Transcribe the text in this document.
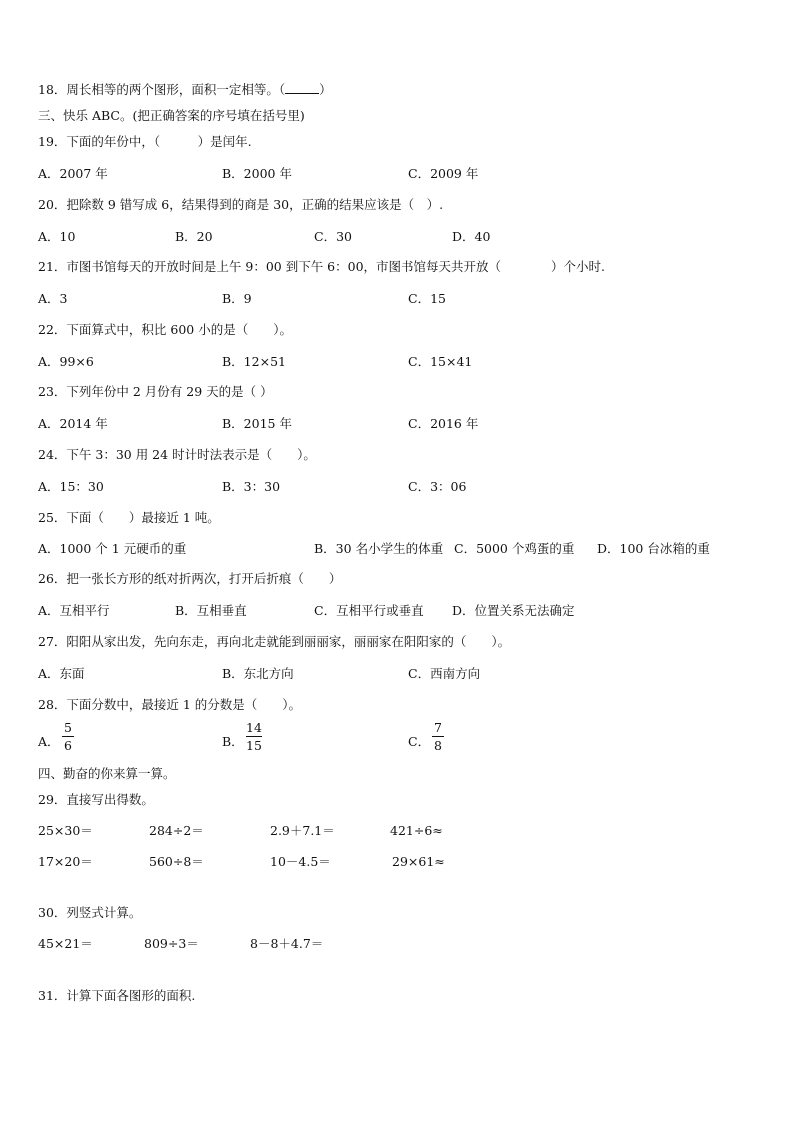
18．周长相等的两个图形，面积一定相等。（	）
三、快乐 ABC。(把正确答案的序号填在括号里)
19．下面的年份中，（　　　）是闰年.
A．2007 年	B．2000 年	C．2009 年
20．把除数 9 错写成 6，结果得到的商是 30，正确的结果应该是（　）.
A．10	B．20	C．30	D．40
21．市图书馆每天的开放时间是上午 9：00 到下午 6：00，市图书馆每天共开放（　　　　）个小时.
A．3	B．9	C．15
22．下面算式中，积比 600 小的是（　　）。
A．99×6	B．12×51	C．15×41
23．下列年份中 2 月份有 29 天的是（ ）
A．2014 年	B．2015 年	C．2016 年
24．下午 3：30 用 24 时计时法表示是（　　）。
A．15：30	B．3：30	C．3：06
25．下面（　　）最接近 1 吨。
A．1000 个 1 元硬币的重	B．30 名小学生的体重 C．5000 个鸡蛋的重 D．100 台冰箱的重
26．把一张长方形的纸对折两次，打开后折痕（　　）
A．互相平行	B．互相垂直	C．互相平行或垂直 D．位置关系无法确定
27．阳阳从家出发，先向东走，再向北走就能到丽丽家，丽丽家在阳阳家的（　　）。
A．东面	B．东北方向	C．西南方向
28．下面分数中，最接近 1 的分数是（　　）。
A．
5
6	B．
14
15	C．
7
8
四、勤奋的你来算一算。
29．直接写出得数。
25×30＝	284÷2＝	2.9＋7.1＝	421÷6≈
17×20＝	560÷8＝	10－4.5＝	29×61≈
30．列竖式计算。
45×21＝	809÷3＝	8－8＋4.7＝
31．计算下面各图形的面积.
